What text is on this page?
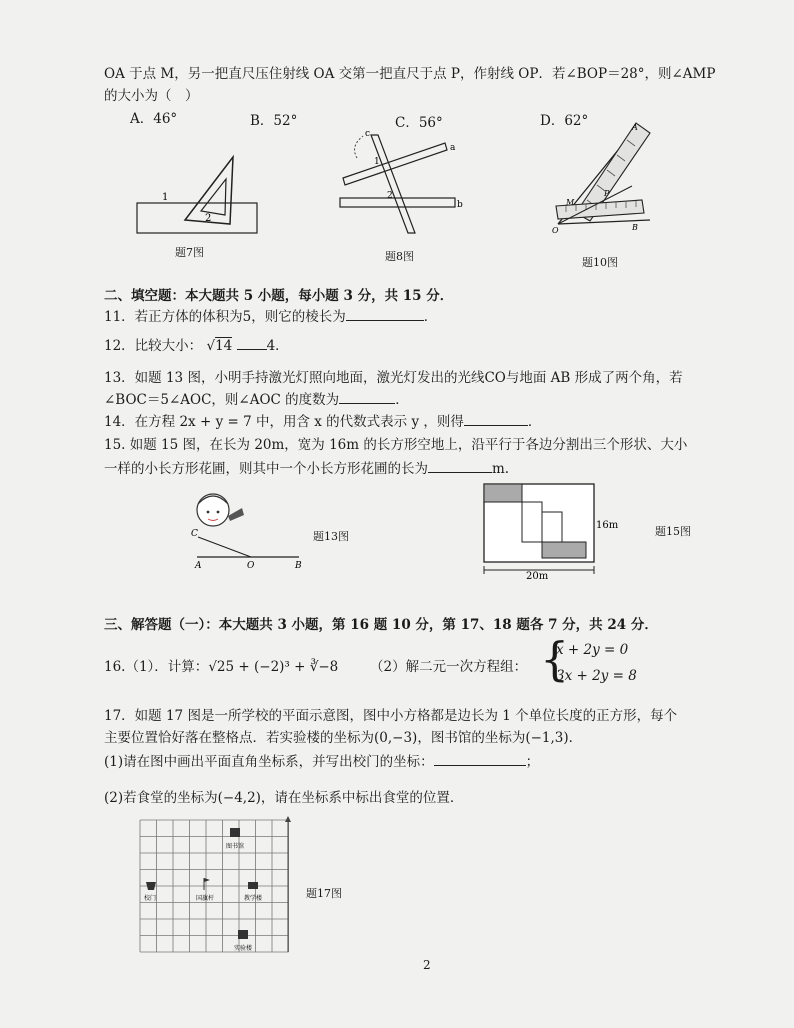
OA 于点 M，另一把直尺压住射线 OA 交第一把直尺于点 P，作射线 OP．若∠BOP＝28°，则∠AMP
的大小为（　）
A．46°	B．52°	C．56°	D．62°
1
2
题7图
c
a
b
1
2
题8图
A
M
P
O	B
题10图
二、填空题：本大题共 5 小题，每小题 3 分，共 15 分．
11．若正方体的体积为5，则它的棱长为	．
12．比较大小： √14	4．
13．如题 13 图，小明手持激光灯照向地面，激光灯发出的光线CO与地面 AB 形成了两个角，若
∠BOC＝5∠AOC，则∠AOC 的度数为	．
14．在方程 2x + y = 7 中，用含 x 的代数式表示 y ，则得	．
15. 如题 15 图，在长为 20m，宽为 16m 的长方形空地上，沿平行于各边分割出三个形状、大小
一样的小长方形花圃，则其中一个小长方形花圃的长为	m.
C
A	O	B
题13图
20m
16m	题15图
三、解答题（一）：本大题共 3 小题，第 16 题 10 分，第 17、18 题各 7 分，共 24 分．
16.（1）．计算：√25 + (−2)³ + ∛−8 （2）解二元一次方程组： {
x + 2y = 0
3x + 2y = 8
17．如题 17 图是一所学校的平面示意图，图中小方格都是边长为 1 个单位长度的正方形，每个
主要位置恰好落在整格点．若实验楼的坐标为(0,−3)，图书馆的坐标为(−1,3)．
(1)请在图中画出平面直角坐标系，并写出校门的坐标：	；
(2)若食堂的坐标为(−4,2)，请在坐标系中标出食堂的位置．
图书馆
校门	国旗杆	教学楼
实验楼
题17图
2
